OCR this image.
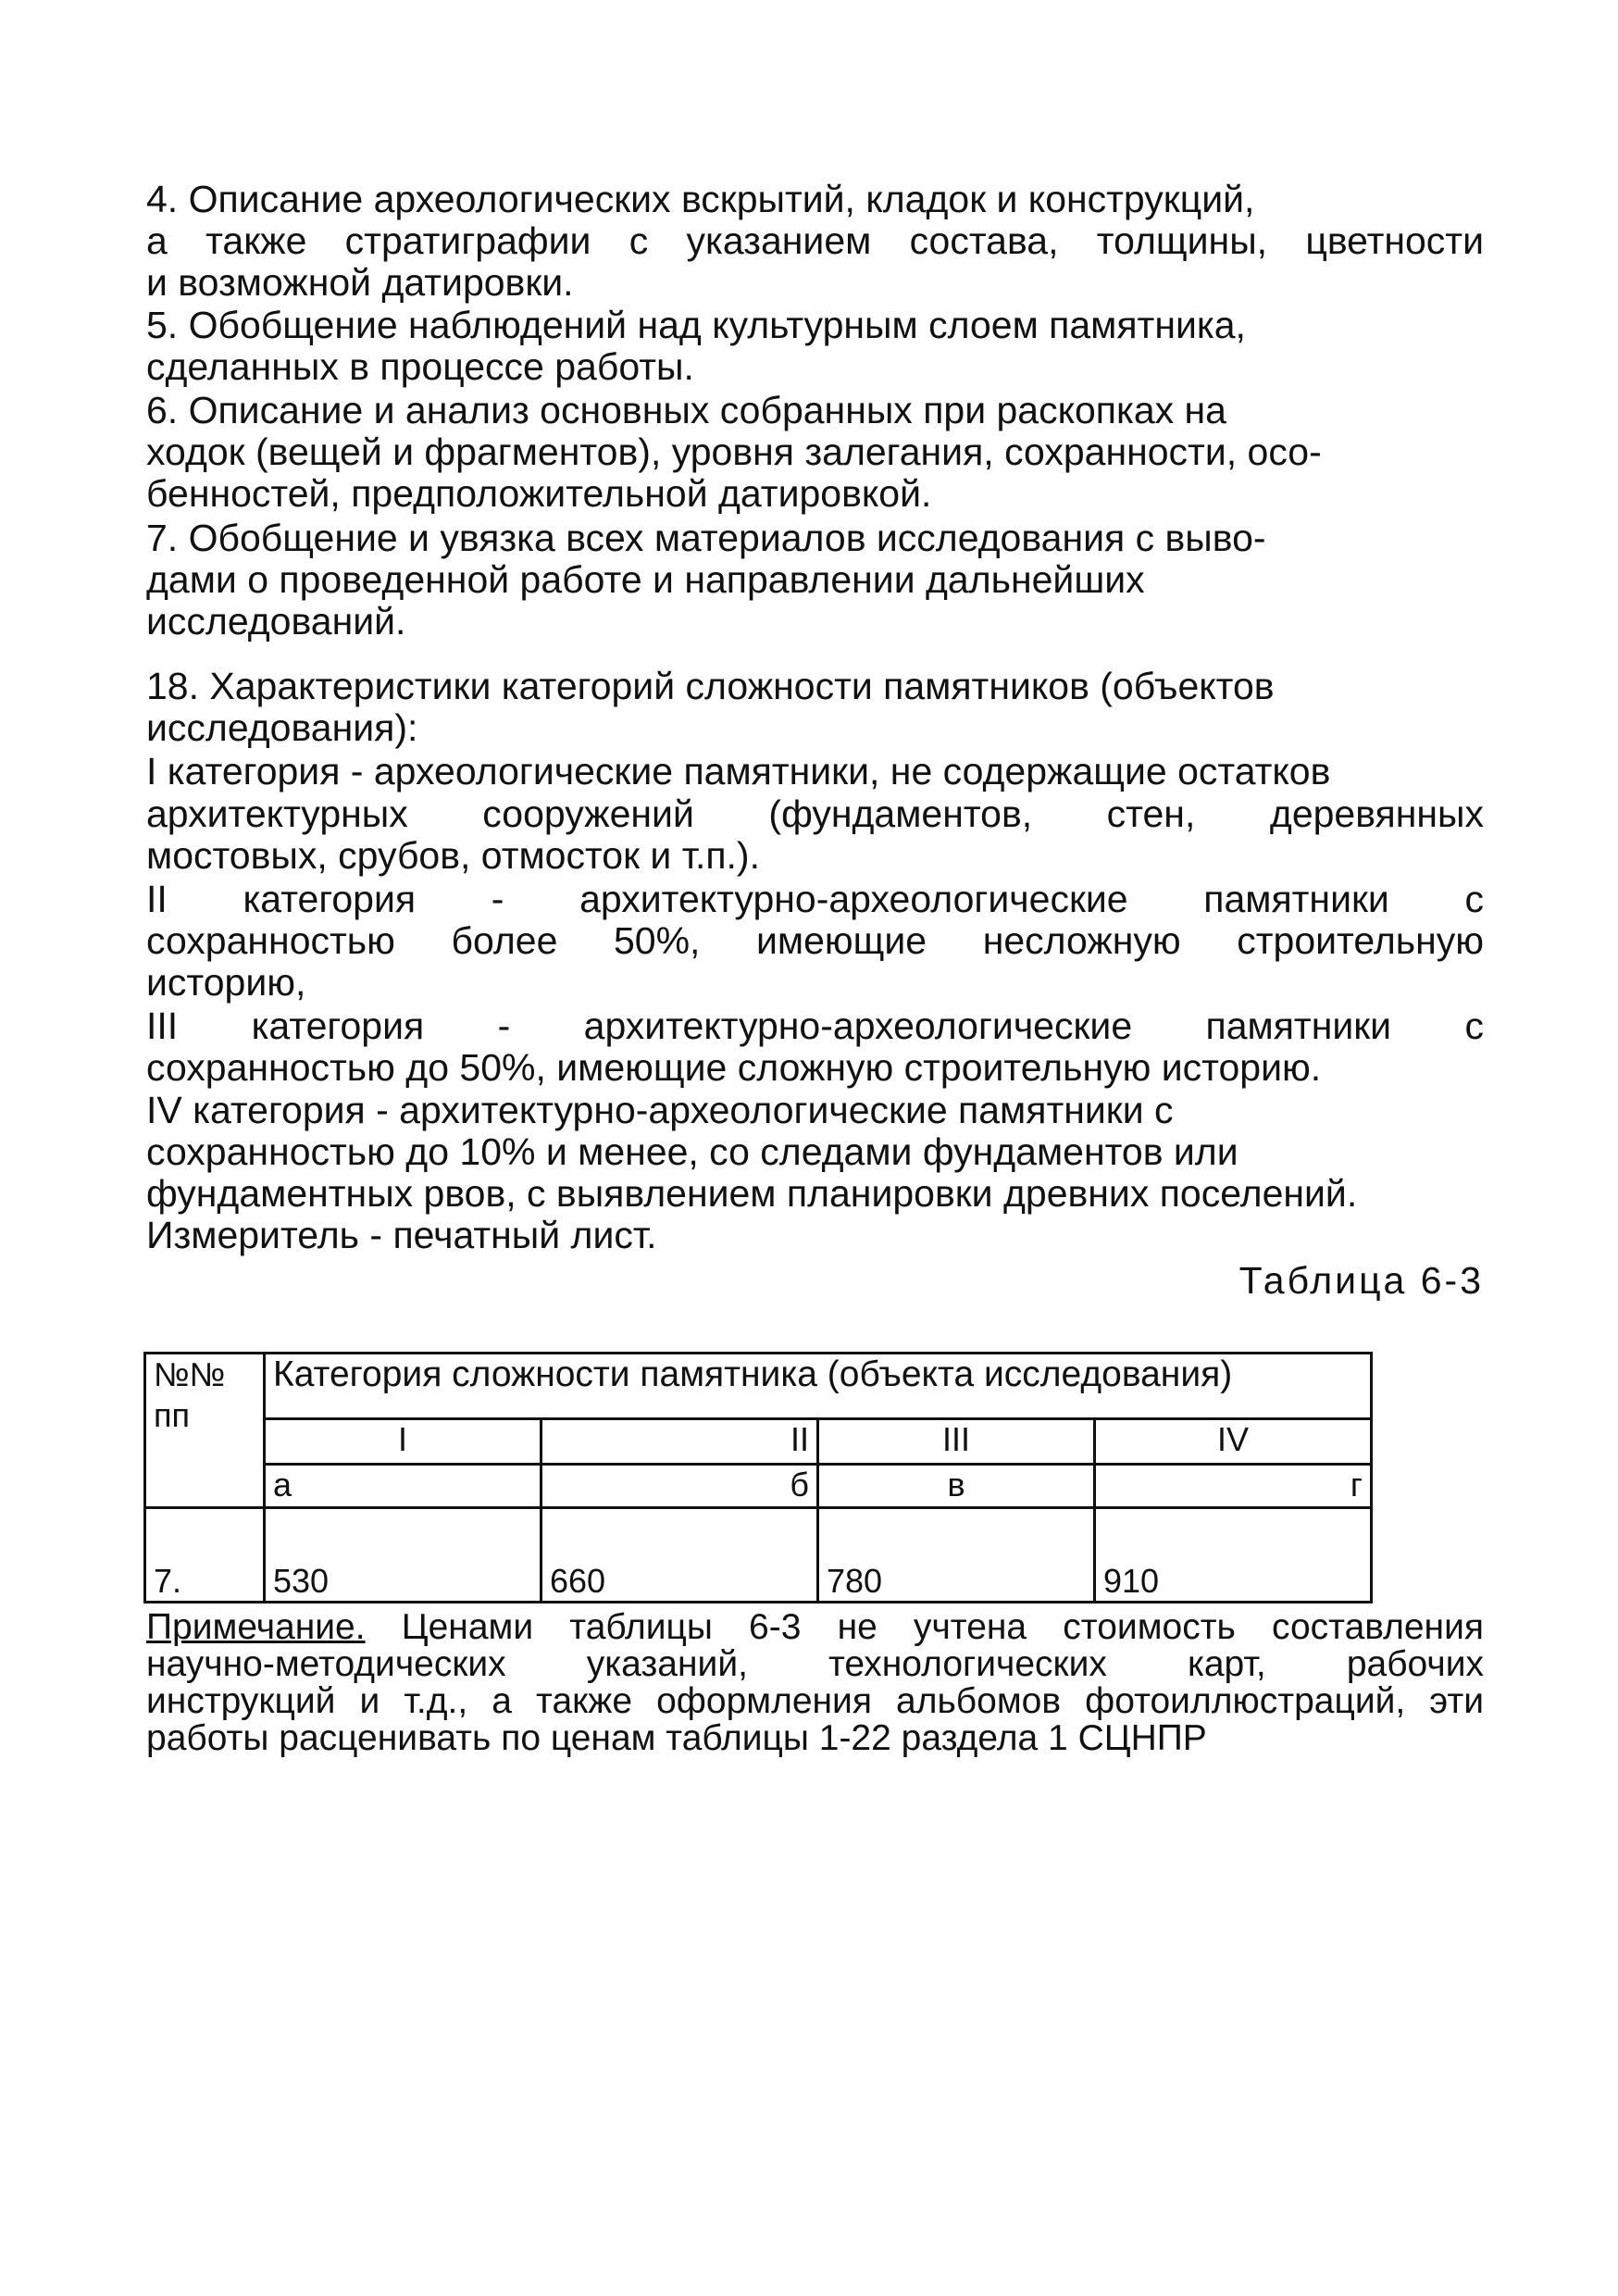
4. Описание археологических вскрытий, кладок и конструкций,
а также стратиграфии с указанием состава, толщины, цветности
и возможной датировки.
5. Обобщение наблюдений над культурным слоем памятника,
сделанных в процессе работы.
6. Описание и анализ основных собранных при раскопках на
ходок (вещей и фрагментов), уровня залегания, сохранности, осо-
бенностей, предположительной датировкой.
7. Обобщение и увязка всех материалов исследования с выво-
дами о проведенной работе и направлении дальнейших
исследований.
18. Характеристики категорий сложности памятников (объектов
исследования):
I категория - археологические памятники, не содержащие остатков
архитектурных сооружений (фундаментов, стен, деревянных
мостовых, срубов, отмосток и т.п.).
II категория - архитектурно-археологические памятники с
сохранностью более 50%, имеющие несложную строительную
историю,
III категория - архитектурно-археологические памятники с
сохранностью до 50%, имеющие сложную строительную историю.
IV категория - архитектурно-археологические памятники с
сохранностью до 10% и менее, со следами фундаментов или
фундаментных рвов, с выявлением планировки древних поселений.
Измеритель - печатный лист.
Таблица 6-3
№№
пп	Категория сложности памятника (объекта исследования)			
	I	II	III	IV
	а	б	в	г
7.	530	660	780	910
Примечание. Ценами таблицы 6-3 не учтена стоимость составления
научно-методических указаний, технологических карт, рабочих
инструкций и т.д., а также оформления альбомов фотоиллюстраций, эти
работы расценивать по ценам таблицы 1-22 раздела 1 СЦНПР
